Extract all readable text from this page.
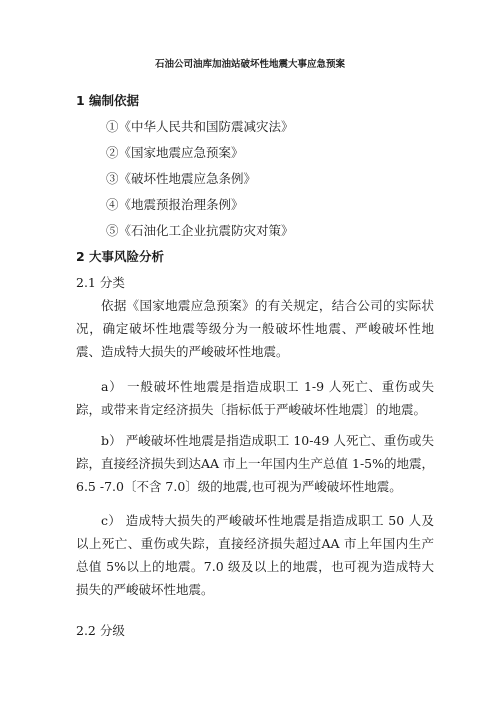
石油公司油库加油站破坏性地震大事应急预案
1 编制依据
①《中华人民共和国防震减灾法》
②《国家地震应急预案》
③《破坏性地震应急条例》
④《地震预报治理条例》
⑤《石油化工企业抗震防灾对策》
2 大事风险分析
2.1 分类
依据《国家地震应急预案》的有关规定，结合公司的实际状况，确定破坏性地震等级分为一般破坏性地震、严峻破坏性地震、造成特大损失的严峻破坏性地震。
a） 一般破坏性地震是指造成职工 1-9 人死亡、重伤或失踪，或带来肯定经济损失〔指标低于严峻破坏性地震〕的地震。
b） 严峻破坏性地震是指造成职工 10-49 人死亡、重伤或失踪，直接经济损失到达AA 市上一年国内生产总值 1-5%的地震，6.5 -7.0〔不含 7.0〕级的地震,也可视为严峻破坏性地震。
c） 造成特大损失的严峻破坏性地震是指造成职工 50 人及以上死亡、重伤或失踪，直接经济损失超过AA 市上年国内生产总值 5%以上的地震。7.0 级及以上的地震，也可视为造成特大损失的严峻破坏性地震。
2.2 分级
